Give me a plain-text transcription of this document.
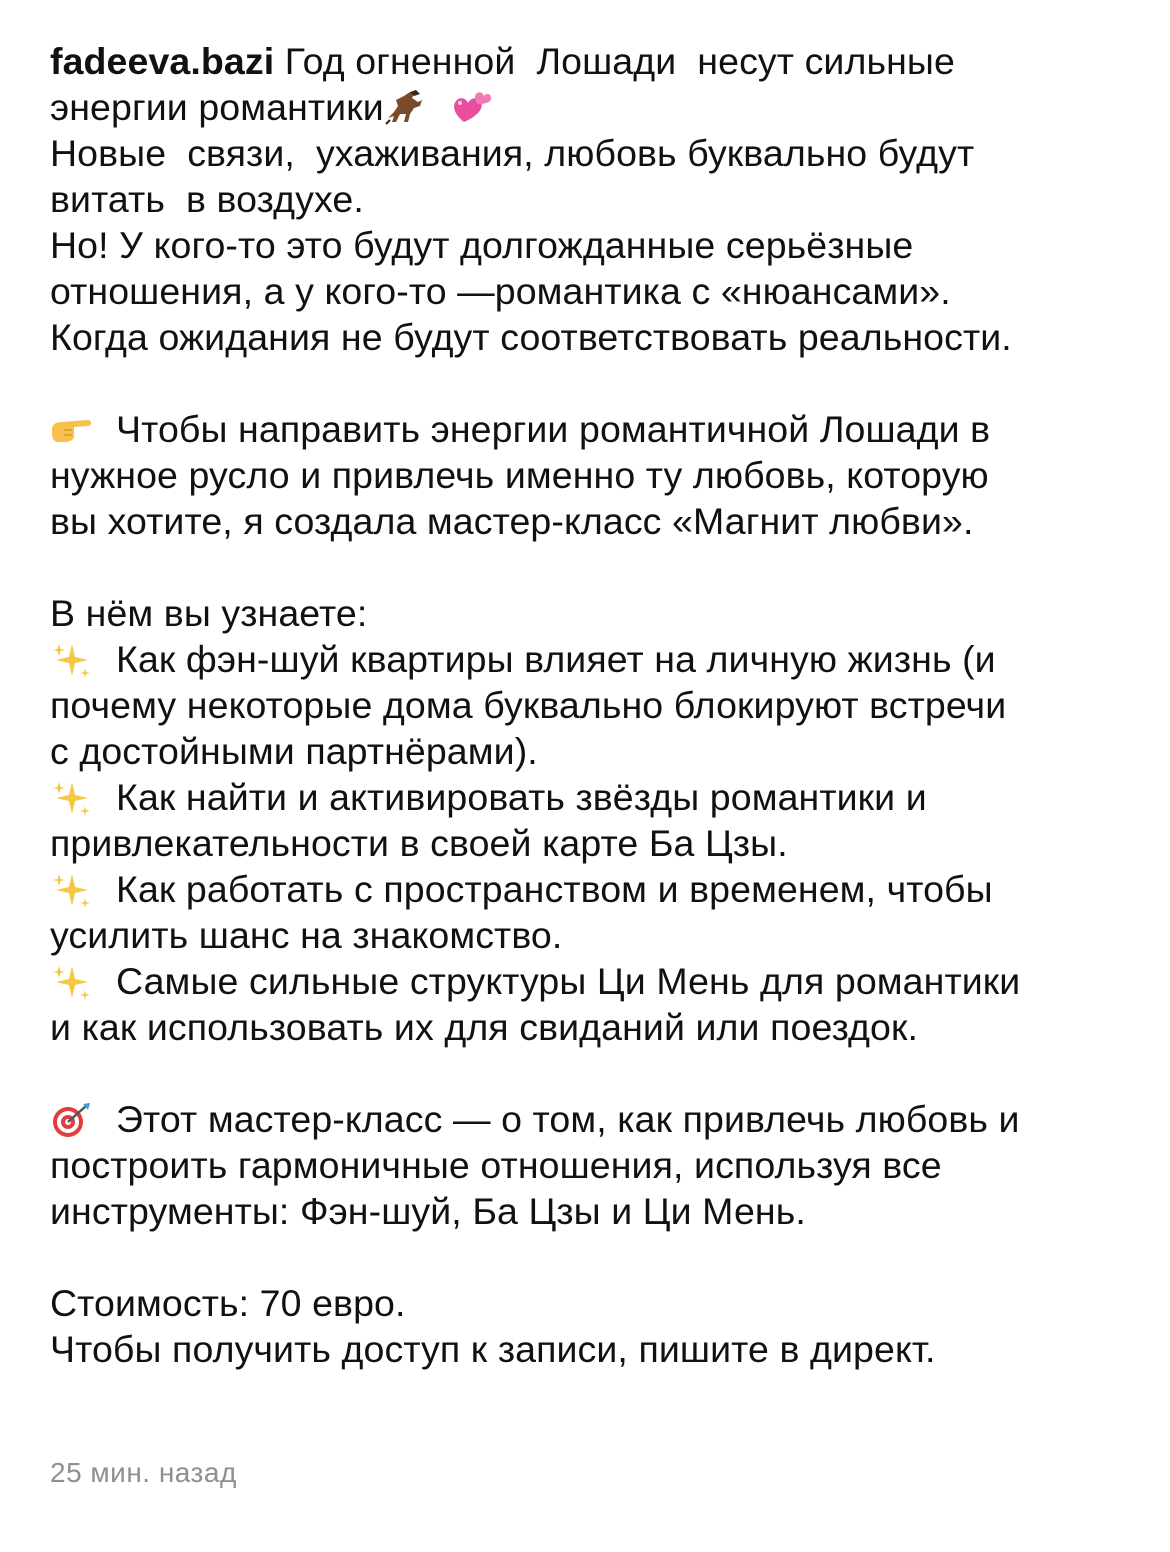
fadeeva.bazi Год огненной  Лошади  несут сильные
энергии романтики
Новые  связи,  ухаживания, любовь буквально будут
витать  в воздухе.
Но! У кого-то это будут долгожданные серьёзные
отношения, а у кого-то —романтика с «нюансами».
Когда ожидания не будут соответствовать реальности.
Чтобы направить энергии романтичной Лошади в
нужное русло и привлечь именно ту любовь, которую
вы хотите, я создала мастер-класс «Магнит любви».
В нём вы узнаете:
Как фэн-шуй квартиры влияет на личную жизнь (и
почему некоторые дома буквально блокируют встречи
с достойными партнёрами).
Как найти и активировать звёзды романтики и
привлекательности в своей карте Ба Цзы.
Как работать с пространством и временем, чтобы
усилить шанс на знакомство.
Самые сильные структуры Ци Мень для романтики
и как использовать их для свиданий или поездок.
Этот мастер-класс — о том, как привлечь любовь и
построить гармоничные отношения, используя все
инструменты: Фэн-шуй, Ба Цзы и Ци Мень.
Стоимость: 70 евро.
Чтобы получить доступ к записи, пишите в директ.
25 мин. назад
